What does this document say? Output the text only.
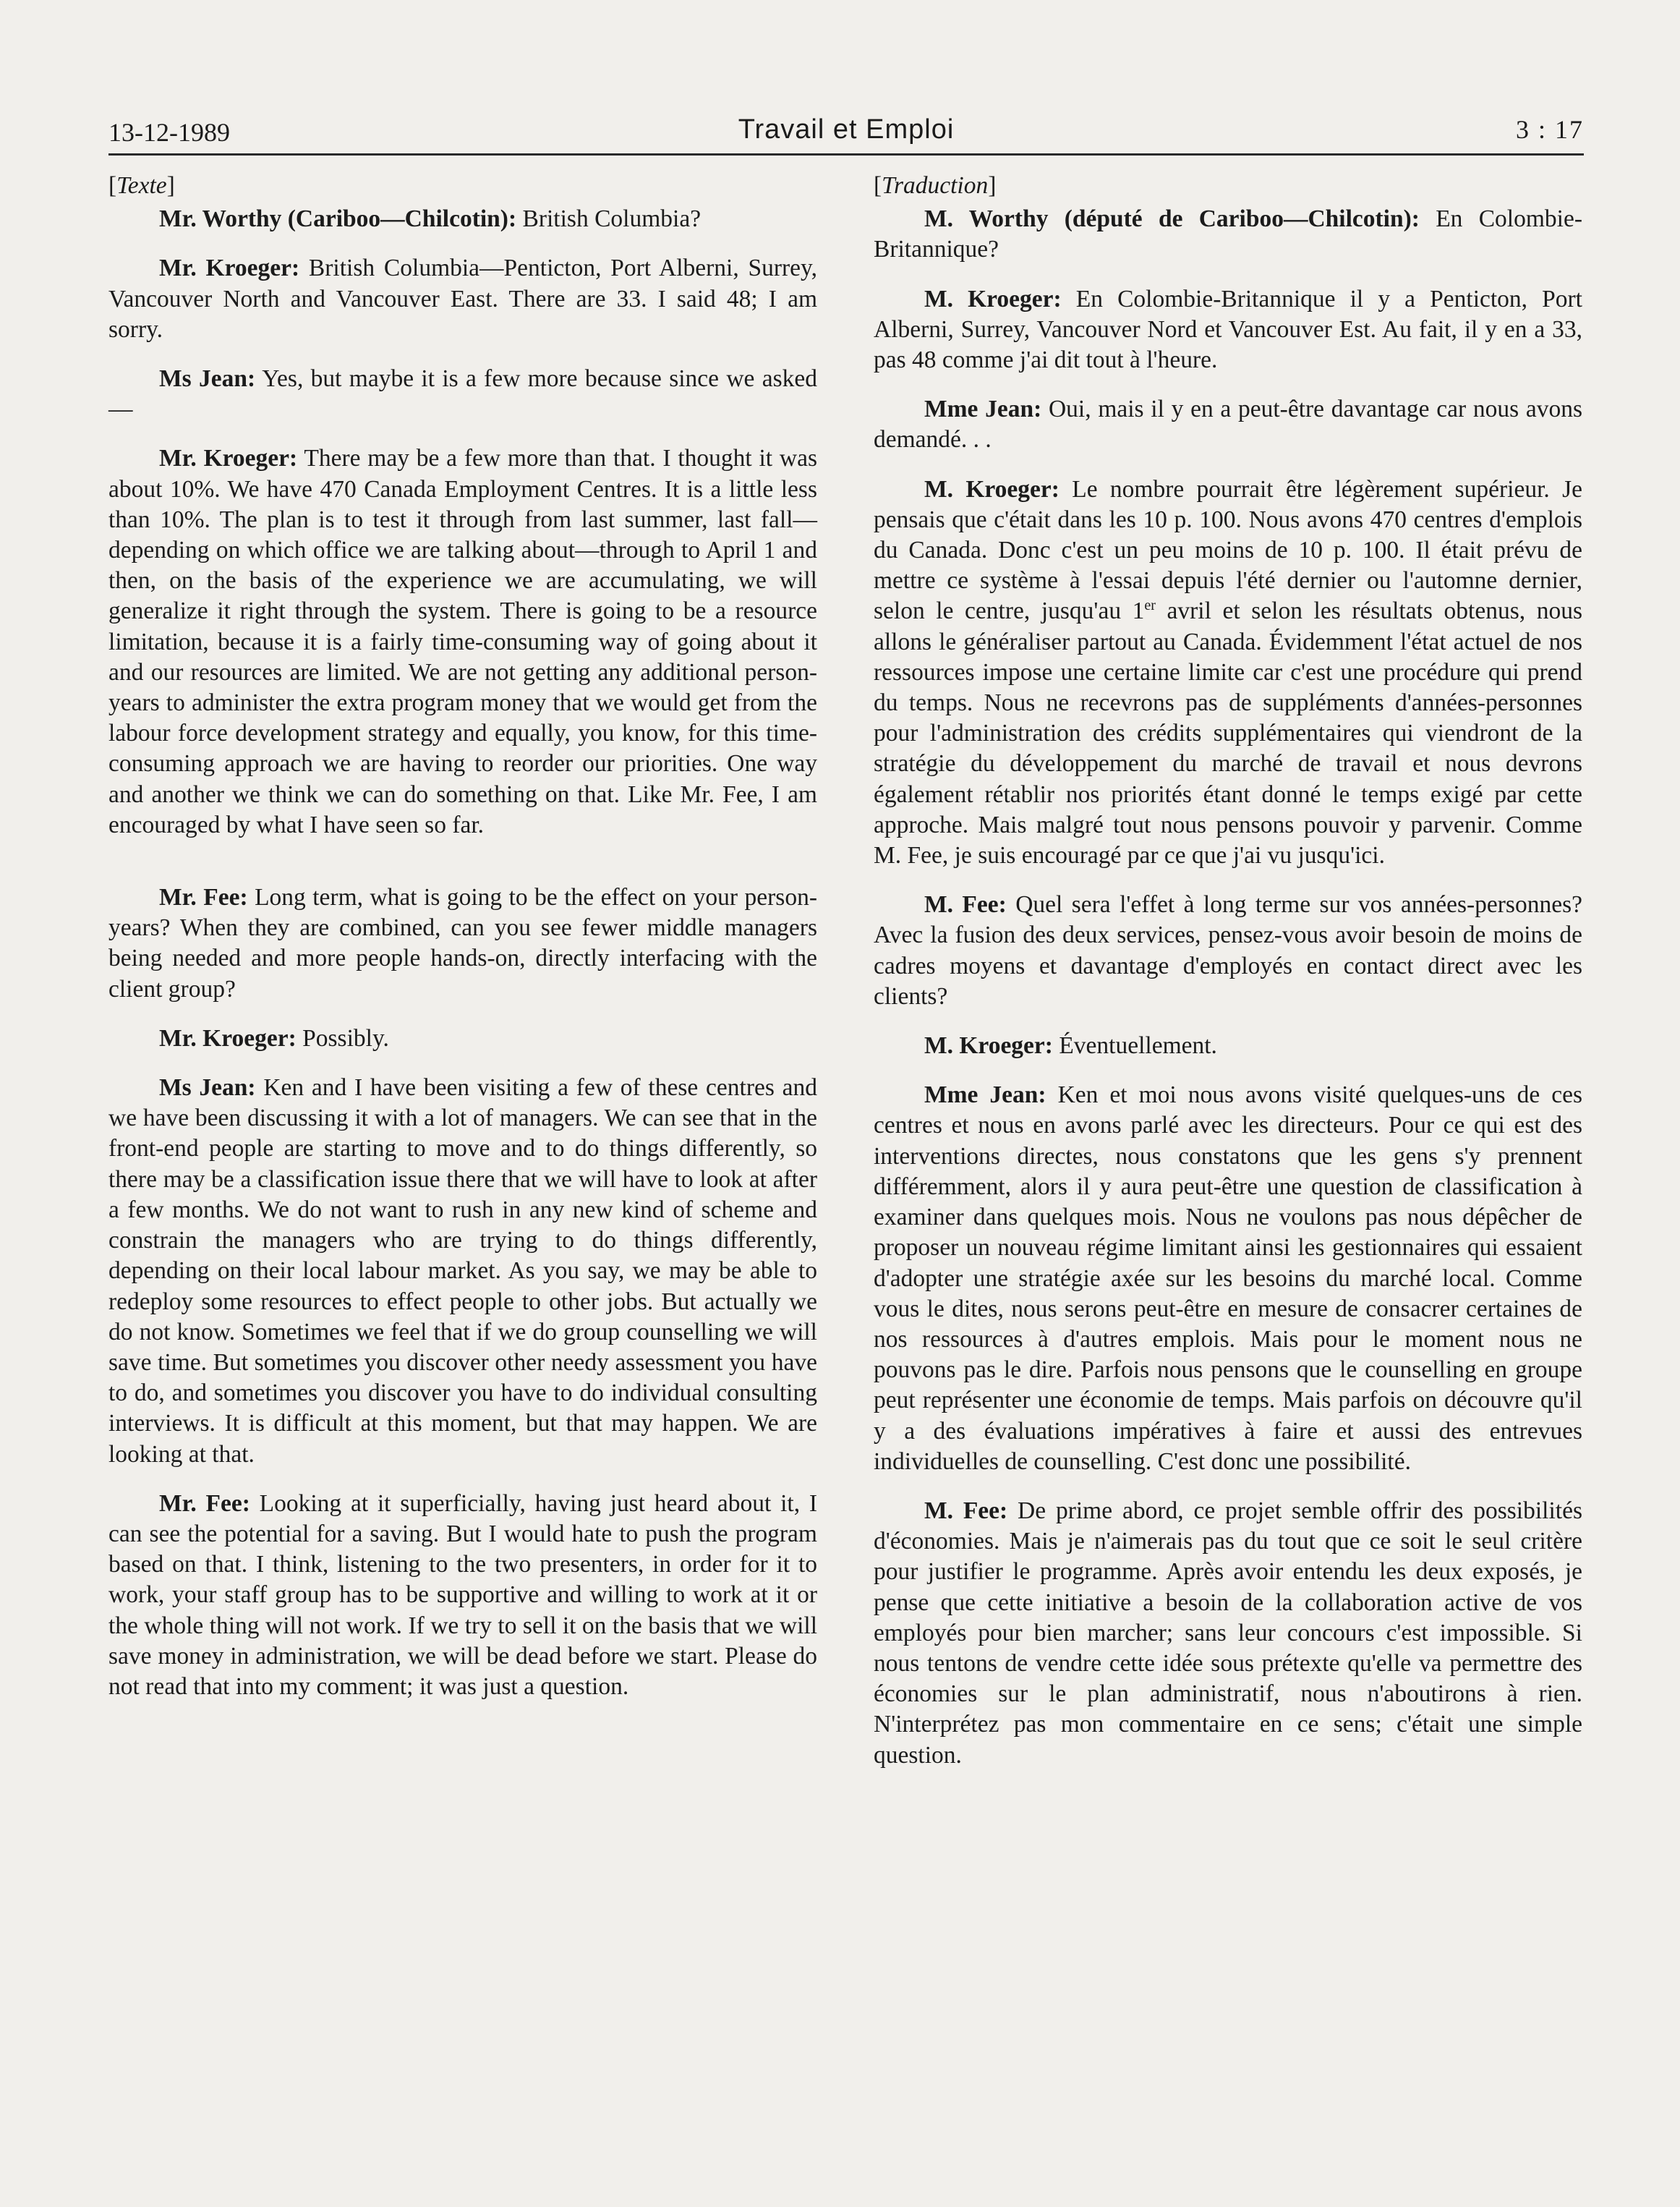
13-12-1989	Travail et Emploi	3 : 17
[Texte]

Mr. Worthy (Cariboo—Chilcotin): British Columbia?

Mr. Kroeger: British Columbia—Penticton, Port Alberni, Surrey, Vancouver North and Vancouver East. There are 33. I said 48; I am sorry.

Ms Jean: Yes, but maybe it is a few more because since we asked—

Mr. Kroeger: There may be a few more than that. I thought it was about 10%. We have 470 Canada Employment Centres. It is a little less than 10%. The plan is to test it through from last summer, last fall—depending on which office we are talking about—through to April 1 and then, on the basis of the experience we are accumulating, we will generalize it right through the system. There is going to be a resource limitation, because it is a fairly time-consuming way of going about it and our resources are limited. We are not getting any additional person-years to administer the extra program money that we would get from the labour force development strategy and equally, you know, for this time-consuming approach we are having to reorder our priorities. One way and another we think we can do something on that. Like Mr. Fee, I am encouraged by what I have seen so far.

Mr. Fee: Long term, what is going to be the effect on your person-years? When they are combined, can you see fewer middle managers being needed and more people hands-on, directly interfacing with the client group?

Mr. Kroeger: Possibly.

Ms Jean: Ken and I have been visiting a few of these centres and we have been discussing it with a lot of managers. We can see that in the front-end people are starting to move and to do things differently, so there may be a classification issue there that we will have to look at after a few months. We do not want to rush in any new kind of scheme and constrain the managers who are trying to do things differently, depending on their local labour market. As you say, we may be able to redeploy some resources to effect people to other jobs. But actually we do not know. Sometimes we feel that if we do group counselling we will save time. But sometimes you discover other needy assessment you have to do, and sometimes you discover you have to do individual consulting interviews. It is difficult at this moment, but that may happen. We are looking at that.

Mr. Fee: Looking at it superficially, having just heard about it, I can see the potential for a saving. But I would hate to push the program based on that. I think, listening to the two presenters, in order for it to work, your staff group has to be supportive and willing to work at it or the whole thing will not work. If we try to sell it on the basis that we will save money in administration, we will be dead before we start. Please do not read that into my comment; it was just a question.

[Traduction]

M. Worthy (député de Cariboo—Chilcotin): En Colombie-Britannique?

M. Kroeger: En Colombie-Britannique il y a Penticton, Port Alberni, Surrey, Vancouver Nord et Vancouver Est. Au fait, il y en a 33, pas 48 comme j'ai dit tout à l'heure.

Mme Jean: Oui, mais il y en a peut-être davantage car nous avons demandé. . .

M. Kroeger: Le nombre pourrait être légèrement supérieur. Je pensais que c'était dans les 10 p. 100. Nous avons 470 centres d'emplois du Canada. Donc c'est un peu moins de 10 p. 100. Il était prévu de mettre ce système à l'essai depuis l'été dernier ou l'automne dernier, selon le centre, jusqu'au 1er avril et selon les résultats obtenus, nous allons le généraliser partout au Canada. Évidemment l'état actuel de nos ressources impose une certaine limite car c'est une procédure qui prend du temps. Nous ne recevrons pas de suppléments d'années-personnes pour l'administration des crédits supplémentaires qui viendront de la stratégie du développement du marché de travail et nous devrons également rétablir nos priorités étant donné le temps exigé par cette approche. Mais malgré tout nous pensons pouvoir y parvenir. Comme M. Fee, je suis encouragé par ce que j'ai vu jusqu'ici.

M. Fee: Quel sera l'effet à long terme sur vos années-personnes? Avec la fusion des deux services, pensez-vous avoir besoin de moins de cadres moyens et davantage d'employés en contact direct avec les clients?

M. Kroeger: Éventuellement.

Mme Jean: Ken et moi nous avons visité quelques-uns de ces centres et nous en avons parlé avec les directeurs. Pour ce qui est des interventions directes, nous constatons que les gens s'y prennent différemment, alors il y aura peut-être une question de classification à examiner dans quelques mois. Nous ne voulons pas nous dépêcher de proposer un nouveau régime limitant ainsi les gestionnaires qui essaient d'adopter une stratégie axée sur les besoins du marché local. Comme vous le dites, nous serons peut-être en mesure de consacrer certaines de nos ressources à d'autres emplois. Mais pour le moment nous ne pouvons pas le dire. Parfois nous pensons que le counselling en groupe peut représenter une économie de temps. Mais parfois on découvre qu'il y a des évaluations impératives à faire et aussi des entrevues individuelles de counselling. C'est donc une possibilité.

M. Fee: De prime abord, ce projet semble offrir des possibilités d'économies. Mais je n'aimerais pas du tout que ce soit le seul critère pour justifier le programme. Après avoir entendu les deux exposés, je pense que cette initiative a besoin de la collaboration active de vos employés pour bien marcher; sans leur concours c'est impossible. Si nous tentons de vendre cette idée sous prétexte qu'elle va permettre des économies sur le plan administratif, nous n'aboutirons à rien. N'interprétez pas mon commentaire en ce sens; c'était une simple question.
